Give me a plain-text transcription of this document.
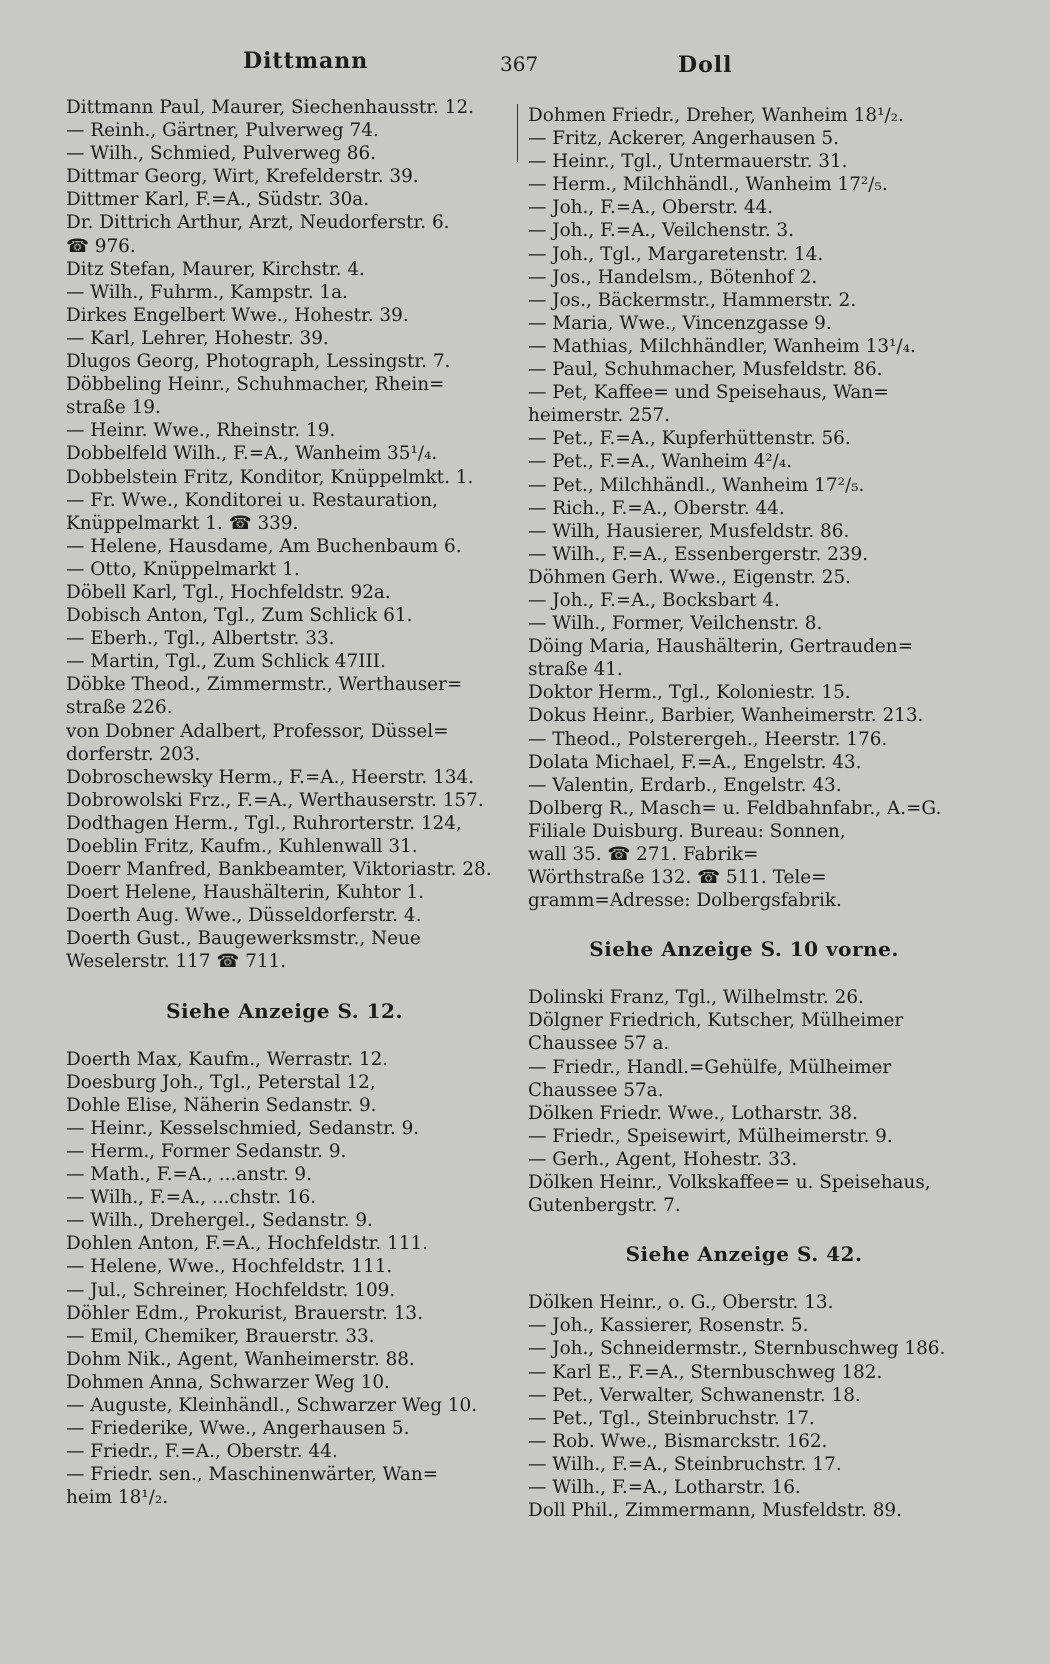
Dittmann	367	Doll
Dittmann Paul, Maurer, Siechenhausstr. 12.
— Reinh., Gärtner, Pulverweg 74.
— Wilh., Schmied, Pulverweg 86.
Dittmar Georg, Wirt, Krefelderstr. 39.
Dittmer Karl, F.=A., Südstr. 30a.
Dr. Dittrich Arthur, Arzt, Neudorferstr. 6.
☎ 976.
Ditz Stefan, Maurer, Kirchstr. 4.
— Wilh., Fuhrm., Kampstr. 1a.
Dirkes Engelbert Wwe., Hohestr. 39.
— Karl, Lehrer, Hohestr. 39.
Dlugos Georg, Photograph, Lessingstr. 7.
Döbbeling Heinr., Schuhmacher, Rhein=
straße 19.
— Heinr. Wwe., Rheinstr. 19.
Dobbelfeld Wilh., F.=A., Wanheim 35¹/₄.
Dobbelstein Fritz, Konditor, Knüppelmkt. 1.
— Fr. Wwe., Konditorei u. Restauration,
Knüppelmarkt 1. ☎ 339.
— Helene, Hausdame, Am Buchenbaum 6.
— Otto, Knüppelmarkt 1.
Döbell Karl, Tgl., Hochfeldstr. 92a.
Dobisch Anton, Tgl., Zum Schlick 61.
— Eberh., Tgl., Albertstr. 33.
— Martin, Tgl., Zum Schlick 47III.
Döbke Theod., Zimmermstr., Werthauser=
straße 226.
von Dobner Adalbert, Professor, Düssel=
dorferstr. 203.
Dobroschewsky Herm., F.=A., Heerstr. 134.
Dobrowolski Frz., F.=A., Werthauserstr. 157.
Dodthagen Herm., Tgl., Ruhrorterstr. 124,
Doeblin Fritz, Kaufm., Kuhlenwall 31.
Doerr Manfred, Bankbeamter, Viktoriastr. 28.
Doert Helene, Haushälterin, Kuhtor 1.
Doerth Aug. Wwe., Düsseldorferstr. 4.
Doerth Gust., Baugewerksmstr., Neue
Weselerstr. 117 ☎ 711.
Siehe Anzeige S. 12.
Doerth Max, Kaufm., Werrastr. 12.
Doesburg Joh., Tgl., Peterstal 12,
Dohle Elise, Näherin Sedanstr. 9.
— Heinr., Kesselschmied, Sedanstr. 9.
— Herm., Former Sedanstr. 9.
— Math., F.=A., ...anstr. 9.
— Wilh., F.=A., ...chstr. 16.
— Wilh., Drehergel., Sedanstr. 9.
Dohlen Anton, F.=A., Hochfeldstr. 111.
— Helene, Wwe., Hochfeldstr. 111.
— Jul., Schreiner, Hochfeldstr. 109.
Döhler Edm., Prokurist, Brauerstr. 13.
— Emil, Chemiker, Brauerstr. 33.
Dohm Nik., Agent, Wanheimerstr. 88.
Dohmen Anna, Schwarzer Weg 10.
— Auguste, Kleinhändl., Schwarzer Weg 10.
— Friederike, Wwe., Angerhausen 5.
— Friedr., F.=A., Oberstr. 44.
— Friedr. sen., Maschinenwärter, Wan=
heim 18¹/₂.
Dohmen Friedr., Dreher, Wanheim 18¹/₂.
— Fritz, Ackerer, Angerhausen 5.
— Heinr., Tgl., Untermauerstr. 31.
— Herm., Milchhändl., Wanheim 17²/₅.
— Joh., F.=A., Oberstr. 44.
— Joh., F.=A., Veilchenstr. 3.
— Joh., Tgl., Margaretenstr. 14.
— Jos., Handelsm., Bötenhof 2.
— Jos., Bäckermstr., Hammerstr. 2.
— Maria, Wwe., Vincenzgasse 9.
— Mathias, Milchhändler, Wanheim 13¹/₄.
— Paul, Schuhmacher, Musfeldstr. 86.
— Pet, Kaffee= und Speisehaus, Wan=
heimerstr. 257.
— Pet., F.=A., Kupferhüttenstr. 56.
— Pet., F.=A., Wanheim 4²/₄.
— Pet., Milchhändl., Wanheim 17²/₅.
— Rich., F.=A., Oberstr. 44.
— Wilh, Hausierer, Musfeldstr. 86.
— Wilh., F.=A., Essenbergerstr. 239.
Döhmen Gerh. Wwe., Eigenstr. 25.
— Joh., F.=A., Bocksbart 4.
— Wilh., Former, Veilchenstr. 8.
Döing Maria, Haushälterin, Gertrauden=
straße 41.
Doktor Herm., Tgl., Koloniestr. 15.
Dokus Heinr., Barbier, Wanheimerstr. 213.
— Theod., Polsterergeh., Heerstr. 176.
Dolata Michael, F.=A., Engelstr. 43.
— Valentin, Erdarb., Engelstr. 43.
Dolberg R., Masch= u. Feldbahnfabr., A.=G.
Filiale Duisburg. Bureau: Sonnen,
wall 35. ☎ 271. Fabrik=
Wörthstraße 132. ☎ 511. Tele=
gramm=Adresse: Dolbergsfabrik.
Siehe Anzeige S. 10 vorne.
Dolinski Franz, Tgl., Wilhelmstr. 26.
Dölgner Friedrich, Kutscher, Mülheimer
Chaussee 57 a.
— Friedr., Handl.=Gehülfe, Mülheimer
Chaussee 57a.
Dölken Friedr. Wwe., Lotharstr. 38.
— Friedr., Speisewirt, Mülheimerstr. 9.
— Gerh., Agent, Hohestr. 33.
Dölken Heinr., Volkskaffee= u. Speisehaus,
Gutenbergstr. 7.
Siehe Anzeige S. 42.
Dölken Heinr., o. G., Oberstr. 13.
— Joh., Kassierer, Rosenstr. 5.
— Joh., Schneidermstr., Sternbuschweg 186.
— Karl E., F.=A., Sternbuschweg 182.
— Pet., Verwalter, Schwanenstr. 18.
— Pet., Tgl., Steinbruchstr. 17.
— Rob. Wwe., Bismarckstr. 162.
— Wilh., F.=A., Steinbruchstr. 17.
— Wilh., F.=A., Lotharstr. 16.
Doll Phil., Zimmermann, Musfeldstr. 89.
